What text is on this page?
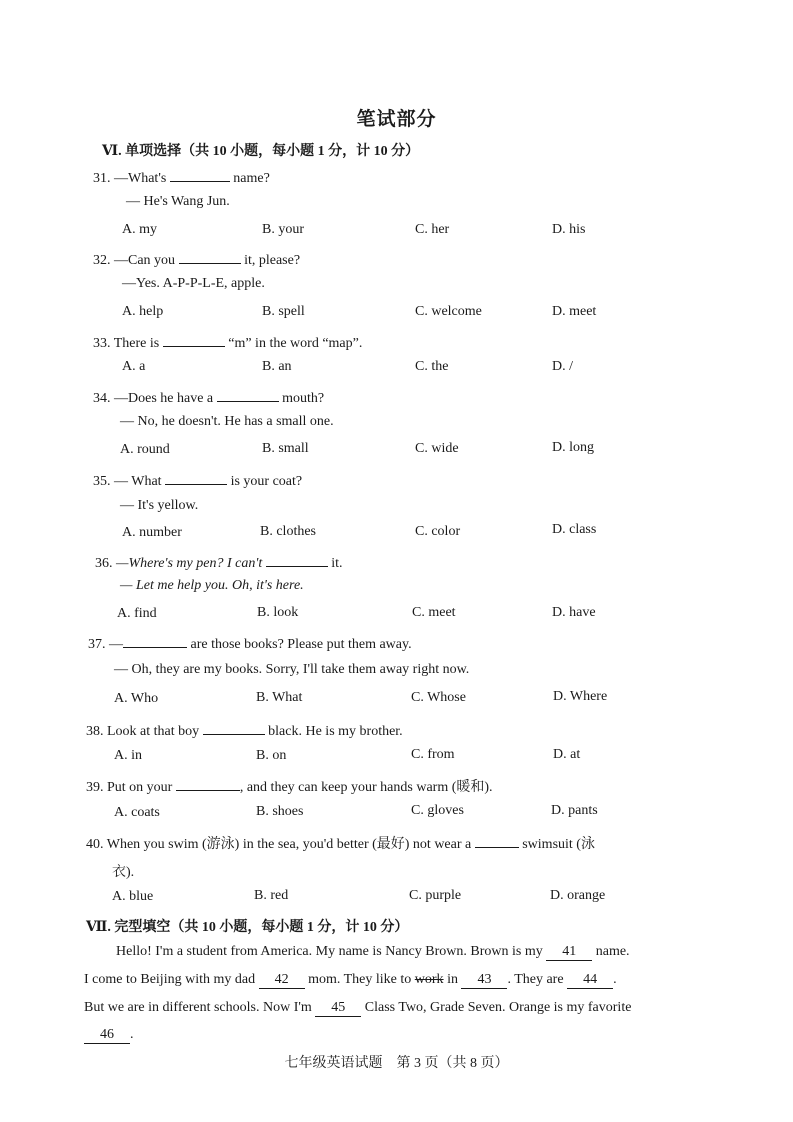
笔试部分
Ⅵ. 单项选择（共 10 小题，每小题 1 分，计 10 分）
31. —What's	name?
— He's Wang Jun.
A. my	B. your	C. her	D. his
32. —Can you	it, please?
—Yes. A-P-P-L-E, apple.
A. help	B. spell	C. welcome	D. meet
33. There is	“m” in the word “map”.
A. a	B. an	C. the	D. /
34. —Does he have a	mouth?
— No, he doesn't. He has a small one.
A. round	B. small	C. wide	D. long
35. — What	is your coat?
— It's yellow.
A. number	B. clothes	C. color	D. class
36. —Where's my pen? I can't	it.
— Let me help you. Oh, it's here.
A. find	B. look	C. meet	D. have
37. —	are those books? Please put them away.
— Oh, they are my books. Sorry, I'll take them away right now.
A. Who	B. What	C. Whose	D. Where
38. Look at that boy	black. He is my brother.
A. in	B. on	C. from	D. at
39. Put on your	, and they can keep your hands warm (暖和).
A. coats	B. shoes	C. gloves	D. pants
40. When you swim (游泳) in the sea, you'd better (最好) not wear a	swimsuit (泳
衣).
A. blue	B. red	C. purple	D. orange
Ⅶ. 完型填空（共 10 小题，每小题 1 分，计 10 分）
Hello! I'm a student from America. My name is Nancy Brown. Brown is my 41 name.
I come to Beijing with my dad 42 mom. They like to work in 43 . They are 44 .
But we are in different schools. Now I'm 45 Class Two, Grade Seven. Orange is my favorite
46 .
七年级英语试题　第 3 页（共 8 页）
